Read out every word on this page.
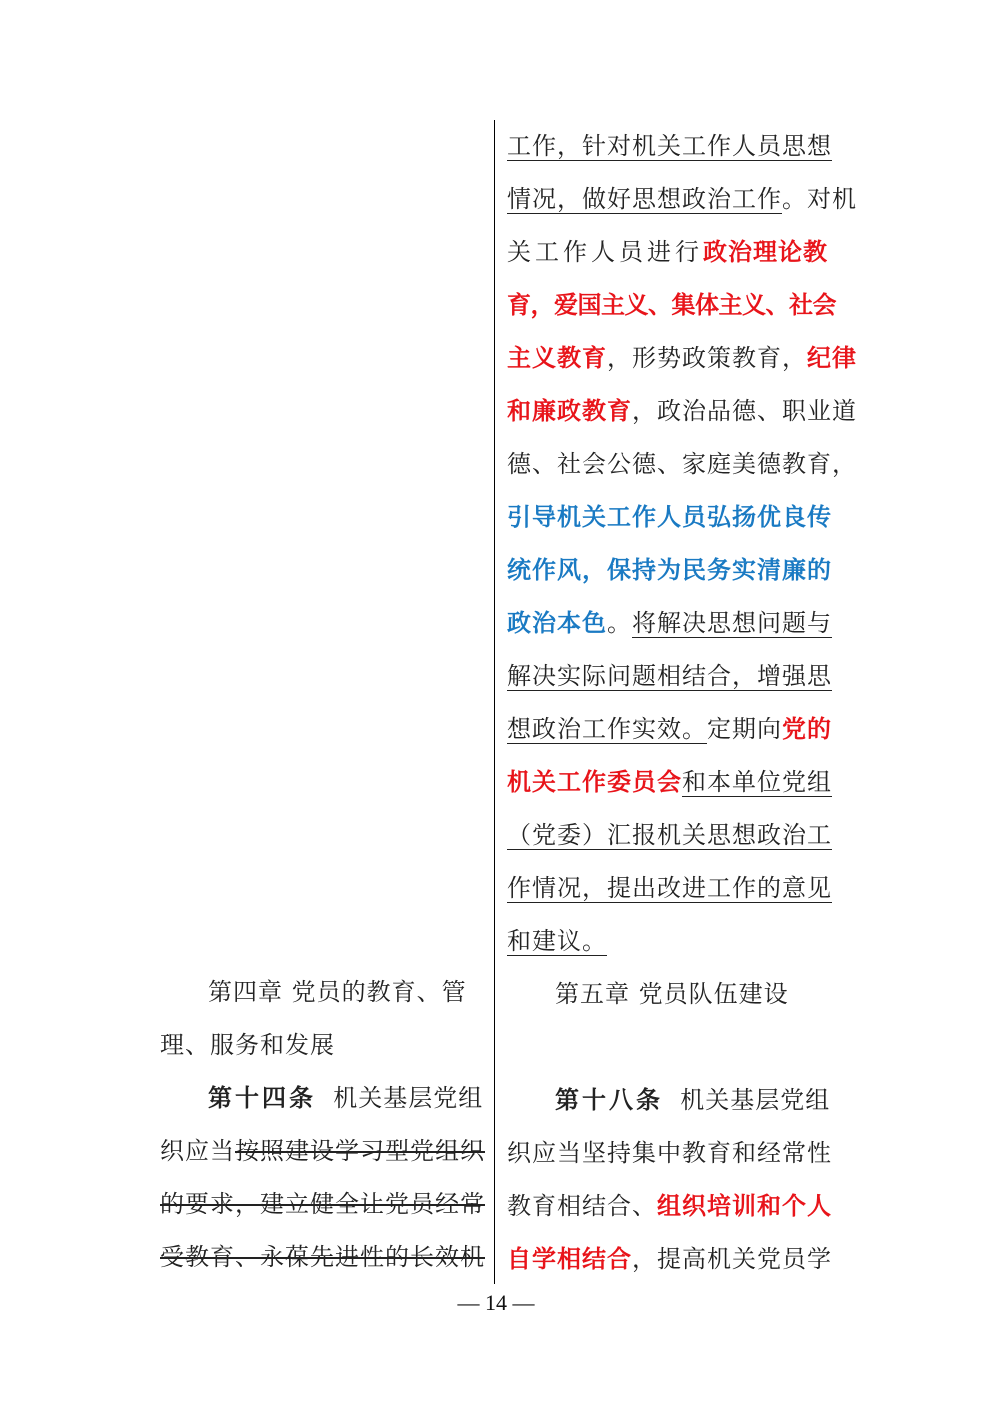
工作，针对机关工作人员思想
情况，做好思想政治工作。对机
关工作人员进行政治理论教
育，爱国主义、集体主义、社会
主义教育，形势政策教育，纪律
和廉政教育，政治品德、职业道
德、社会公德、家庭美德教育，
引导机关工作人员弘扬优良传
统作风，保持为民务实清廉的
政治本色。将解决思想问题与
解决实际问题相结合，增强思
想政治工作实效。定期向党的
机关工作委员会和本单位党组
（党委）汇报机关思想政治工
作情况，提出改进工作的意见
和建议。
第五章 党员队伍建设
第十八条 机关基层党组
织应当坚持集中教育和经常性
教育相结合、组织培训和个人
自学相结合，提高机关党员学
第四章 党员的教育、管
理、服务和发展
第十四条 机关基层党组
织应当按照建设学习型党组织
的要求，建立健全让党员经常
受教育、永葆先进性的长效机
— 14 —
